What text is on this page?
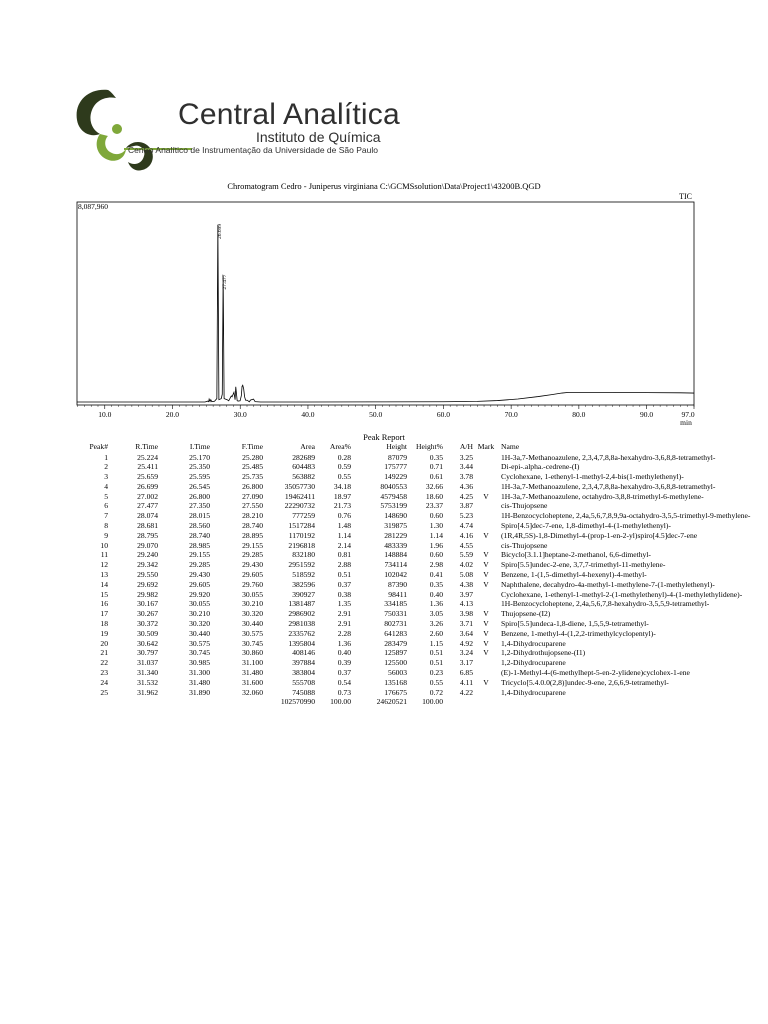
Central Analítica
Instituto de Química
Centro Analítico de Instrumentação da Universidade de São Paulo
Chromatogram Cedro - Juniperus virginiana C:\GCMSsolution\Data\Project1\43200B.QGD
TIC
8,087,960
10.0	20.0	30.0	40.0	50.0	60.0	70.0	80.0	90.0	97.0
min
26.699
27.477
Peak Report
Peak#	R.Time	I.Time	F.Time	Area	Area%	Height	Height%	A/H	Mark	Name
1	25.224	25.170	25.280	282689	0.28	87079	0.35	3.25		1H-3a,7-Methanoazulene, 2,3,4,7,8,8a-hexahydro-3,6,8,8-tetramethyl-
2	25.411	25.350	25.485	604483	0.59	175777	0.71	3.44		Di-epi-.alpha.-cedrene-(I)
3	25.659	25.595	25.735	563882	0.55	149229	0.61	3.78		Cyclohexane, 1-ethenyl-1-methyl-2,4-bis(1-methylethenyl)-
4	26.699	26.545	26.800	35057730	34.18	8040553	32.66	4.36		1H-3a,7-Methanoazulene, 2,3,4,7,8,8a-hexahydro-3,6,8,8-tetramethyl-
5	27.002	26.800	27.090	19462411	18.97	4579458	18.60	4.25	V	1H-3a,7-Methanoazulene, octahydro-3,8,8-trimethyl-6-methylene-
6	27.477	27.350	27.550	22290732	21.73	5753199	23.37	3.87		cis-Thujopsene
7	28.074	28.015	28.210	777259	0.76	148690	0.60	5.23		1H-Benzocycloheptene, 2,4a,5,6,7,8,9,9a-octahydro-3,5,5-trimethyl-9-methylene-
8	28.681	28.560	28.740	1517284	1.48	319875	1.30	4.74		Spiro[4.5]dec-7-ene, 1,8-dimethyl-4-(1-methylethenyl)-
9	28.795	28.740	28.895	1170192	1.14	281229	1.14	4.16	V	(1R,4R,5S)-1,8-Dimethyl-4-(prop-1-en-2-yl)spiro[4.5]dec-7-ene
10	29.070	28.985	29.155	2196818	2.14	483339	1.96	4.55		cis-Thujopsene
11	29.240	29.155	29.285	832180	0.81	148884	0.60	5.59	V	Bicyclo[3.1.1]heptane-2-methanol, 6,6-dimethyl-
12	29.342	29.285	29.430	2951592	2.88	734114	2.98	4.02	V	Spiro[5.5]undec-2-ene, 3,7,7-trimethyl-11-methylene-
13	29.550	29.430	29.605	518592	0.51	102042	0.41	5.08	V	Benzene, 1-(1,5-dimethyl-4-hexenyl)-4-methyl-
14	29.692	29.605	29.760	382596	0.37	87390	0.35	4.38	V	Naphthalene, decahydro-4a-methyl-1-methylene-7-(1-methylethenyl)-
15	29.982	29.920	30.055	390927	0.38	98411	0.40	3.97		Cyclohexane, 1-ethenyl-1-methyl-2-(1-methylethenyl)-4-(1-methylethylidene)-
16	30.167	30.055	30.210	1381487	1.35	334185	1.36	4.13		1H-Benzocycloheptene, 2,4a,5,6,7,8-hexahydro-3,5,5,9-tetramethyl-
17	30.267	30.210	30.320	2986902	2.91	750331	3.05	3.98	V	Thujopsene-(I2)
18	30.372	30.320	30.440	2981038	2.91	802731	3.26	3.71	V	Spiro[5.5]undeca-1,8-diene, 1,5,5,9-tetramethyl-
19	30.509	30.440	30.575	2335762	2.28	641283	2.60	3.64	V	Benzene, 1-methyl-4-(1,2,2-trimethylcyclopentyl)-
20	30.642	30.575	30.745	1395804	1.36	283479	1.15	4.92	V	1,4-Dihydrocuparene
21	30.797	30.745	30.860	408146	0.40	125897	0.51	3.24	V	1,2-Dihydrothujopsene-(I1)
22	31.037	30.985	31.100	397884	0.39	125500	0.51	3.17		1,2-Dihydrocuparene
23	31.340	31.300	31.480	383804	0.37	56003	0.23	6.85		(E)-1-Methyl-4-(6-methylhept-5-en-2-ylidene)cyclohex-1-ene
24	31.532	31.480	31.600	555708	0.54	135168	0.55	4.11	V	Tricyclo[5.4.0.0(2,8)]undec-9-ene, 2,6,6,9-tetramethyl-
25	31.962	31.890	32.060	745088	0.73	176675	0.72	4.22		1,4-Dihydrocuparene
				102570990	100.00	24620521	100.00			
